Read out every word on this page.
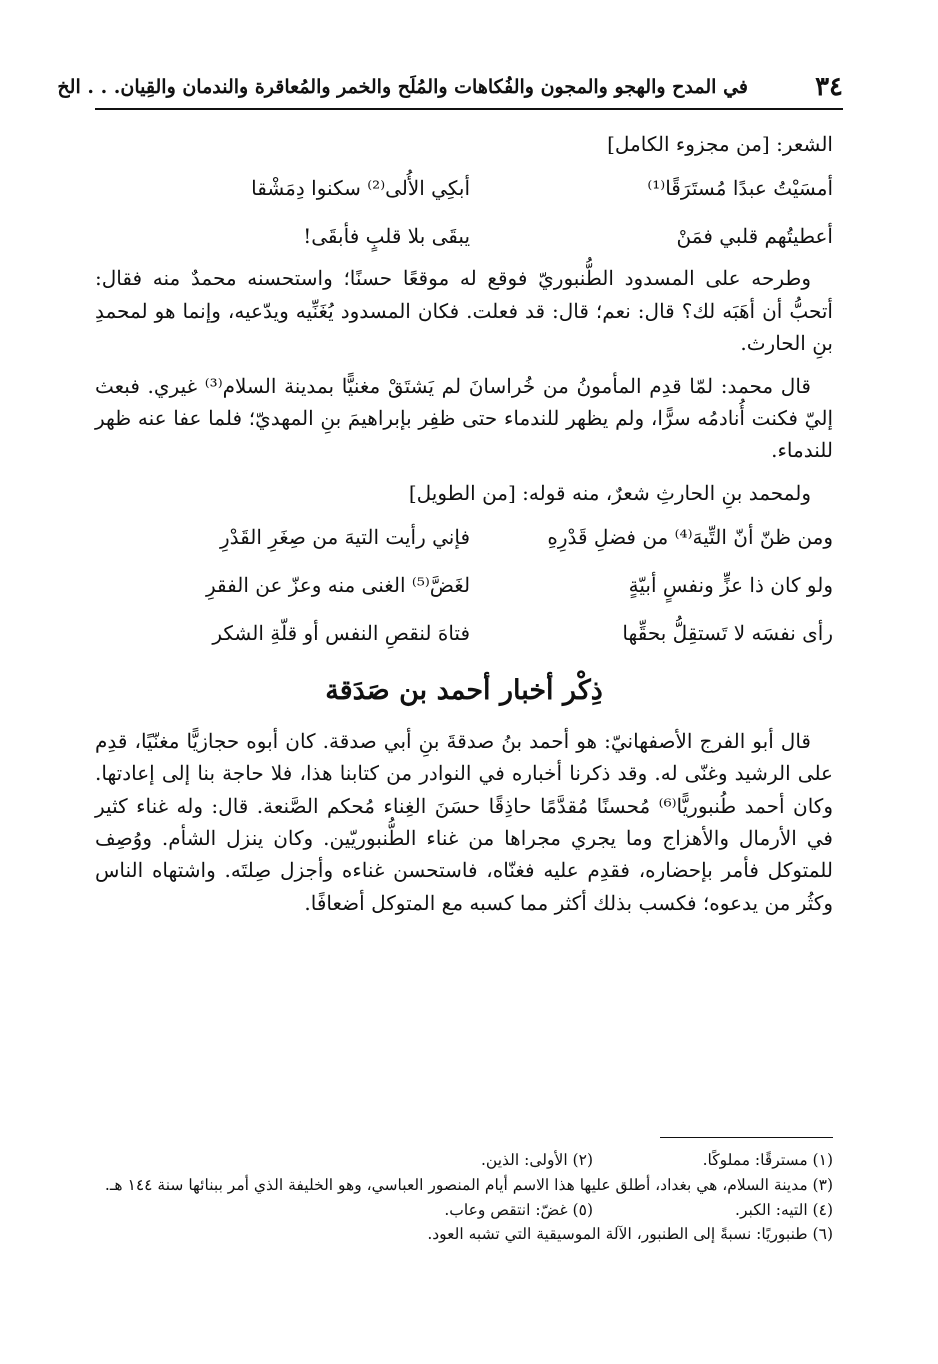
٣٤
في المدح والهجو والمجون والفُكاهات والمُلَح والخمر والمُعاقرة والندمان والقِيان. . . الخ

الشعر: [من مجزوء الكامل]

أمسَيْتُ عبدًا مُستَرَقًا⁽¹⁾
أبكِي الأُلى⁽²⁾ سكنوا دِمَشْقا
أعطيتُهم قلبي فمَنْ
يبقَى بلا قلبٍ فأبقَى!

وطرحه على المسدود الطُّنبوريّ فوقع له موقعًا حسنًا؛ واستحسنه محمدٌ منه فقال: أتحبُّ أن أهَبَه لك؟ قال: نعم؛ قال: قد فعلت. فكان المسدود يُغَنِّيه ويدّعيه، وإنما هو لمحمدِ بنِ الحارث.

قال محمد: لمّا قدِم المأمونُ من خُراسانَ لم يَشتَقْ مغنيًّا بمدينة السلام⁽³⁾ غيري. فبعث إليّ فكنت أُنادمُه سرًّا، ولم يظهر للندماء حتى ظفِر بإبراهيمَ بنِ المهديّ؛ فلما عفا عنه ظهر للندماء.

ولمحمد بنِ الحارثِ شعرٌ، منه قوله: [من الطويل]

ومن ظنّ أنّ التِّيهَ⁽⁴⁾ من فضلِ قَدْرِهِ
فإني رأيت التيهَ من صِغَرِ القَدْرِ
ولو كان ذا عزٍّ ونفسٍ أبيّةٍ
لغَضَّ⁽⁵⁾ الغنى منه وعزّ عن الفقرِ
رأى نفسَه لا تَستقِلُّ بحقِّها
فتاهَ لنقصِ النفس أو قلّةِ الشكر
ذِكْر أخبار أحمد بن صَدَقة

قال أبو الفرج الأصفهانيّ: هو أحمد بنُ صدقةَ بنِ أبي صدقة. كان أبوه حجازيًّا مغنّيًا، قدِم على الرشيد وغنّى له. وقد ذكرنا أخباره في النوادر من كتابنا هذا، فلا حاجة بنا إلى إعادتها. وكان أحمد طُنبوريًّا⁽⁶⁾ مُحسنًا مُقدَّمًا حاذِقًا حسَنَ الغِناء مُحكم الصَّنعة. قال: وله غناء كثير في الأرمال والأهزاج وما يجري مجراها من غناء الطُّنبوريّين. وكان ينزل الشأم. ووُصِف للمتوكل فأمر بإحضاره، فقدِم عليه فغنّاه، فاستحسن غناءه وأجزل صِلتَه. واشتهاه الناس وكثُر من يدعوه؛ فكسب بذلك أكثر مما كسبه مع المتوكل أضعافًا.

(١) مسترقًا: مملوكًا.
(٢) الأولى: الذين.
(٣) مدينة السلام، هي بغداد، أطلق عليها هذا الاسم أيام المنصور العباسي، وهو الخليفة الذي أمر ببنائها سنة ١٤٤ هـ.
(٤) التيه: الكبر.
(٥) غضّ: انتقص وعاب.
(٦) طنبوريًا: نسبةً إلى الطنبور، الآلة الموسيقية التي تشبه العود.
